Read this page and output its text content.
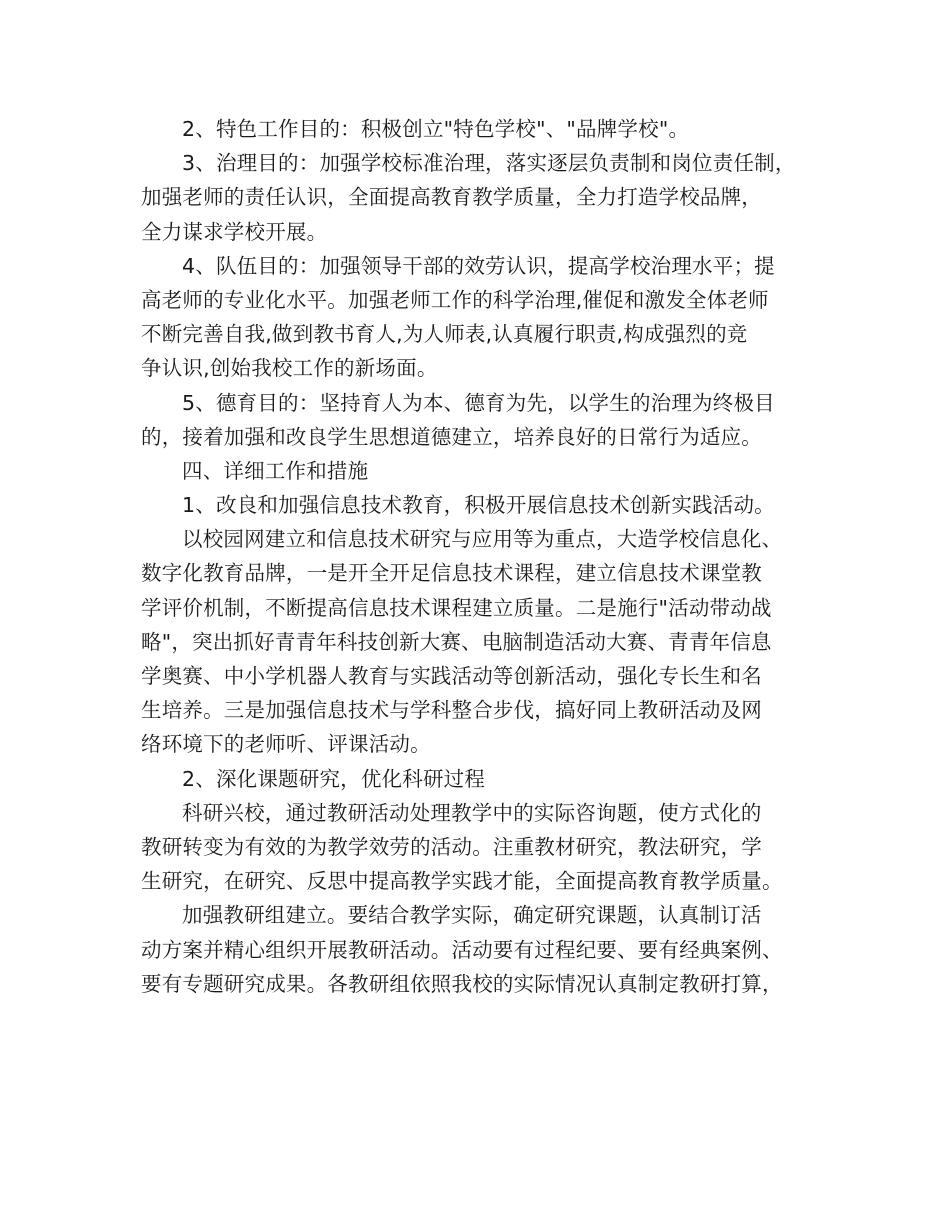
2、特色工作目的：积极创立"特色学校"、"品牌学校"。
3、治理目的：加强学校标准治理，落实逐层负责制和岗位责任制，
加强老师的责任认识，全面提高教育教学质量，全力打造学校品牌，
全力谋求学校开展。
4、队伍目的：加强领导干部的效劳认识，提高学校治理水平；提
高老师的专业化水平。加强老师工作的科学治理,催促和激发全体老师
不断完善自我,做到教书育人,为人师表,认真履行职责,构成强烈的竞
争认识,创始我校工作的新场面。
5、德育目的：坚持育人为本、德育为先，以学生的治理为终极目
的，接着加强和改良学生思想道德建立，培养良好的日常行为适应。
四、详细工作和措施
1、改良和加强信息技术教育，积极开展信息技术创新实践活动。
以校园网建立和信息技术研究与应用等为重点，大造学校信息化、
数字化教育品牌，一是开全开足信息技术课程，建立信息技术课堂教
学评价机制，不断提高信息技术课程建立质量。二是施行"活动带动战
略"，突出抓好青青年科技创新大赛、电脑制造活动大赛、青青年信息
学奥赛、中小学机器人教育与实践活动等创新活动，强化专长生和名
生培养。三是加强信息技术与学科整合步伐，搞好同上教研活动及网
络环境下的老师听、评课活动。
2、深化课题研究，优化科研过程
科研兴校，通过教研活动处理教学中的实际咨询题，使方式化的
教研转变为有效的为教学效劳的活动。注重教材研究，教法研究，学
生研究，在研究、反思中提高教学实践才能，全面提高教育教学质量。
加强教研组建立。要结合教学实际，确定研究课题，认真制订活
动方案并精心组织开展教研活动。活动要有过程纪要、要有经典案例、
要有专题研究成果。各教研组依照我校的实际情况认真制定教研打算，
